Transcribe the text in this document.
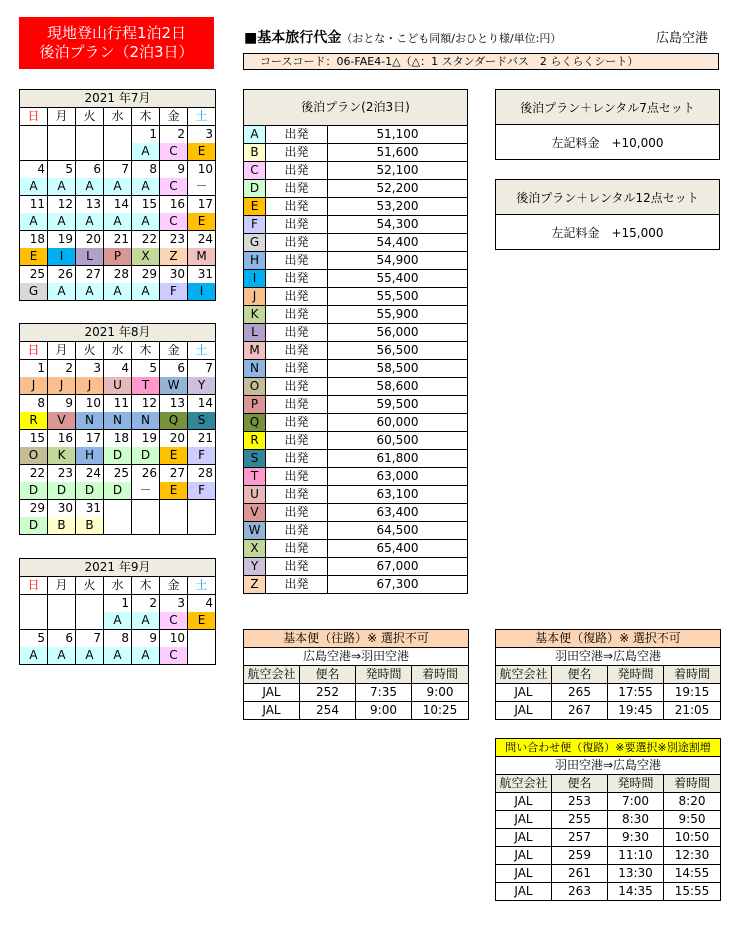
現地登山行程1泊2日
後泊プラン（2泊3日）
■基本旅行代金（おとな・こども同額/おひとり様/単位:円）	広島空港
コースコード：06-FAE4-1△（△：1 スタンダードバス　2 らくらくシート）
2021 年7月						
日	月	火	水	木	金	土
				1	2	3
				A	C	E
4	5	6	7	8	9	10
A	A	A	A	A	C	－
11	12	13	14	15	16	17
A	A	A	A	A	C	E
18	19	20	21	22	23	24
E	I	L	P	X	Z	M
25	26	27	28	29	30	31
G	A	A	A	A	F	I
2021 年8月						
日	月	火	水	木	金	土
1	2	3	4	5	6	7
J	J	J	U	T	W	Y
8	9	10	11	12	13	14
R	V	N	N	N	Q	S
15	16	17	18	19	20	21
O	K	H	D	D	E	F
22	23	24	25	26	27	28
D	D	D	D	－	E	F
29	30	31				
D	B	B				
2021 年9月						
日	月	火	水	木	金	土
			1	2	3	4
			A	A	C	E
5	6	7	8	9	10	
A	A	A	A	A	C	
後泊プラン(2泊3日)		
A	出発	51,100
B	出発	51,600
C	出発	52,100
D	出発	52,200
E	出発	53,200
F	出発	54,300
G	出発	54,400
H	出発	54,900
I	出発	55,400
J	出発	55,500
K	出発	55,900
L	出発	56,000
M	出発	56,500
N	出発	58,500
O	出発	58,600
P	出発	59,500
Q	出発	60,000
R	出発	60,500
S	出発	61,800
T	出発	63,000
U	出発	63,100
V	出発	63,400
W	出発	64,500
X	出発	65,400
Y	出発	67,000
Z	出発	67,300
後泊プラン＋レンタル7点セット
左記料金　+10,000
後泊プラン＋レンタル12点セット
左記料金　+15,000
基本便（往路）※ 選択不可			
広島空港⇒羽田空港			
航空会社	便名	発時間	着時間
JAL	252	7:35	9:00
JAL	254	9:00	10:25
基本便（復路）※ 選択不可			
羽田空港⇒広島空港			
航空会社	便名	発時間	着時間
JAL	265	17:55	19:15
JAL	267	19:45	21:05
問い合わせ便（復路）※要選択※別途割増			
羽田空港⇒広島空港			
航空会社	便名	発時間	着時間
JAL	253	7:00	8:20
JAL	255	8:30	9:50
JAL	257	9:30	10:50
JAL	259	11:10	12:30
JAL	261	13:30	14:55
JAL	263	14:35	15:55
